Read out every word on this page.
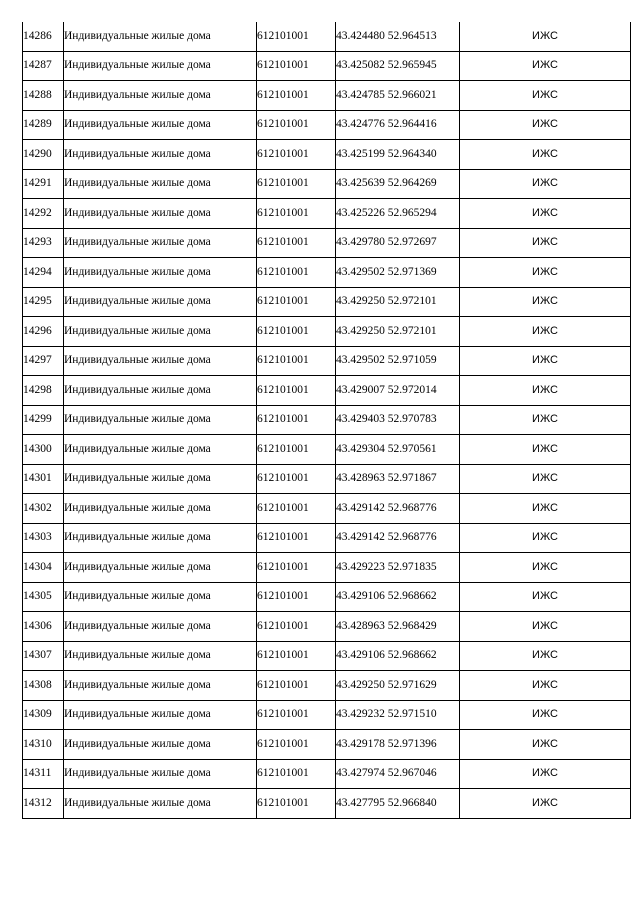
14286	Индивидуальные жилые дома	612101001	43.424480 52.964513	ИЖС
14287	Индивидуальные жилые дома	612101001	43.425082 52.965945	ИЖС
14288	Индивидуальные жилые дома	612101001	43.424785 52.966021	ИЖС
14289	Индивидуальные жилые дома	612101001	43.424776 52.964416	ИЖС
14290	Индивидуальные жилые дома	612101001	43.425199 52.964340	ИЖС
14291	Индивидуальные жилые дома	612101001	43.425639 52.964269	ИЖС
14292	Индивидуальные жилые дома	612101001	43.425226 52.965294	ИЖС
14293	Индивидуальные жилые дома	612101001	43.429780 52.972697	ИЖС
14294	Индивидуальные жилые дома	612101001	43.429502 52.971369	ИЖС
14295	Индивидуальные жилые дома	612101001	43.429250 52.972101	ИЖС
14296	Индивидуальные жилые дома	612101001	43.429250 52.972101	ИЖС
14297	Индивидуальные жилые дома	612101001	43.429502 52.971059	ИЖС
14298	Индивидуальные жилые дома	612101001	43.429007 52.972014	ИЖС
14299	Индивидуальные жилые дома	612101001	43.429403 52.970783	ИЖС
14300	Индивидуальные жилые дома	612101001	43.429304 52.970561	ИЖС
14301	Индивидуальные жилые дома	612101001	43.428963 52.971867	ИЖС
14302	Индивидуальные жилые дома	612101001	43.429142 52.968776	ИЖС
14303	Индивидуальные жилые дома	612101001	43.429142 52.968776	ИЖС
14304	Индивидуальные жилые дома	612101001	43.429223 52.971835	ИЖС
14305	Индивидуальные жилые дома	612101001	43.429106 52.968662	ИЖС
14306	Индивидуальные жилые дома	612101001	43.428963 52.968429	ИЖС
14307	Индивидуальные жилые дома	612101001	43.429106 52.968662	ИЖС
14308	Индивидуальные жилые дома	612101001	43.429250 52.971629	ИЖС
14309	Индивидуальные жилые дома	612101001	43.429232 52.971510	ИЖС
14310	Индивидуальные жилые дома	612101001	43.429178 52.971396	ИЖС
14311	Индивидуальные жилые дома	612101001	43.427974 52.967046	ИЖС
14312	Индивидуальные жилые дома	612101001	43.427795 52.966840	ИЖС
